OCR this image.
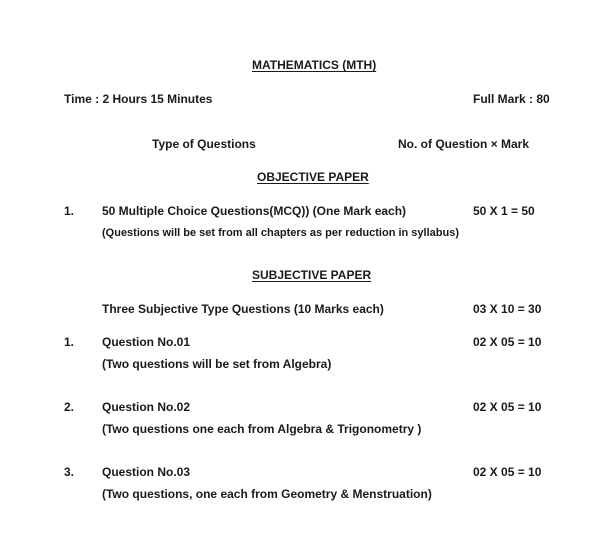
MATHEMATICS (MTH)
Time : 2 Hours 15 Minutes	Full Mark : 80
Type of Questions	No. of Question × Mark
OBJECTIVE PAPER
1. 50 Multiple Choice Questions(MCQ)) (One Mark each)	50 X 1 = 50
(Questions will be set from all chapters as per reduction in syllabus)
SUBJECTIVE PAPER
Three Subjective Type Questions (10 Marks each)	03 X 10 = 30
1. Question No.01	02 X 05 = 10
(Two questions will be set from Algebra)
2. Question No.02	02 X 05 = 10
(Two questions one each from Algebra & Trigonometry )
3. Question No.03	02 X 05 = 10
(Two questions, one each from Geometry & Menstruation)
